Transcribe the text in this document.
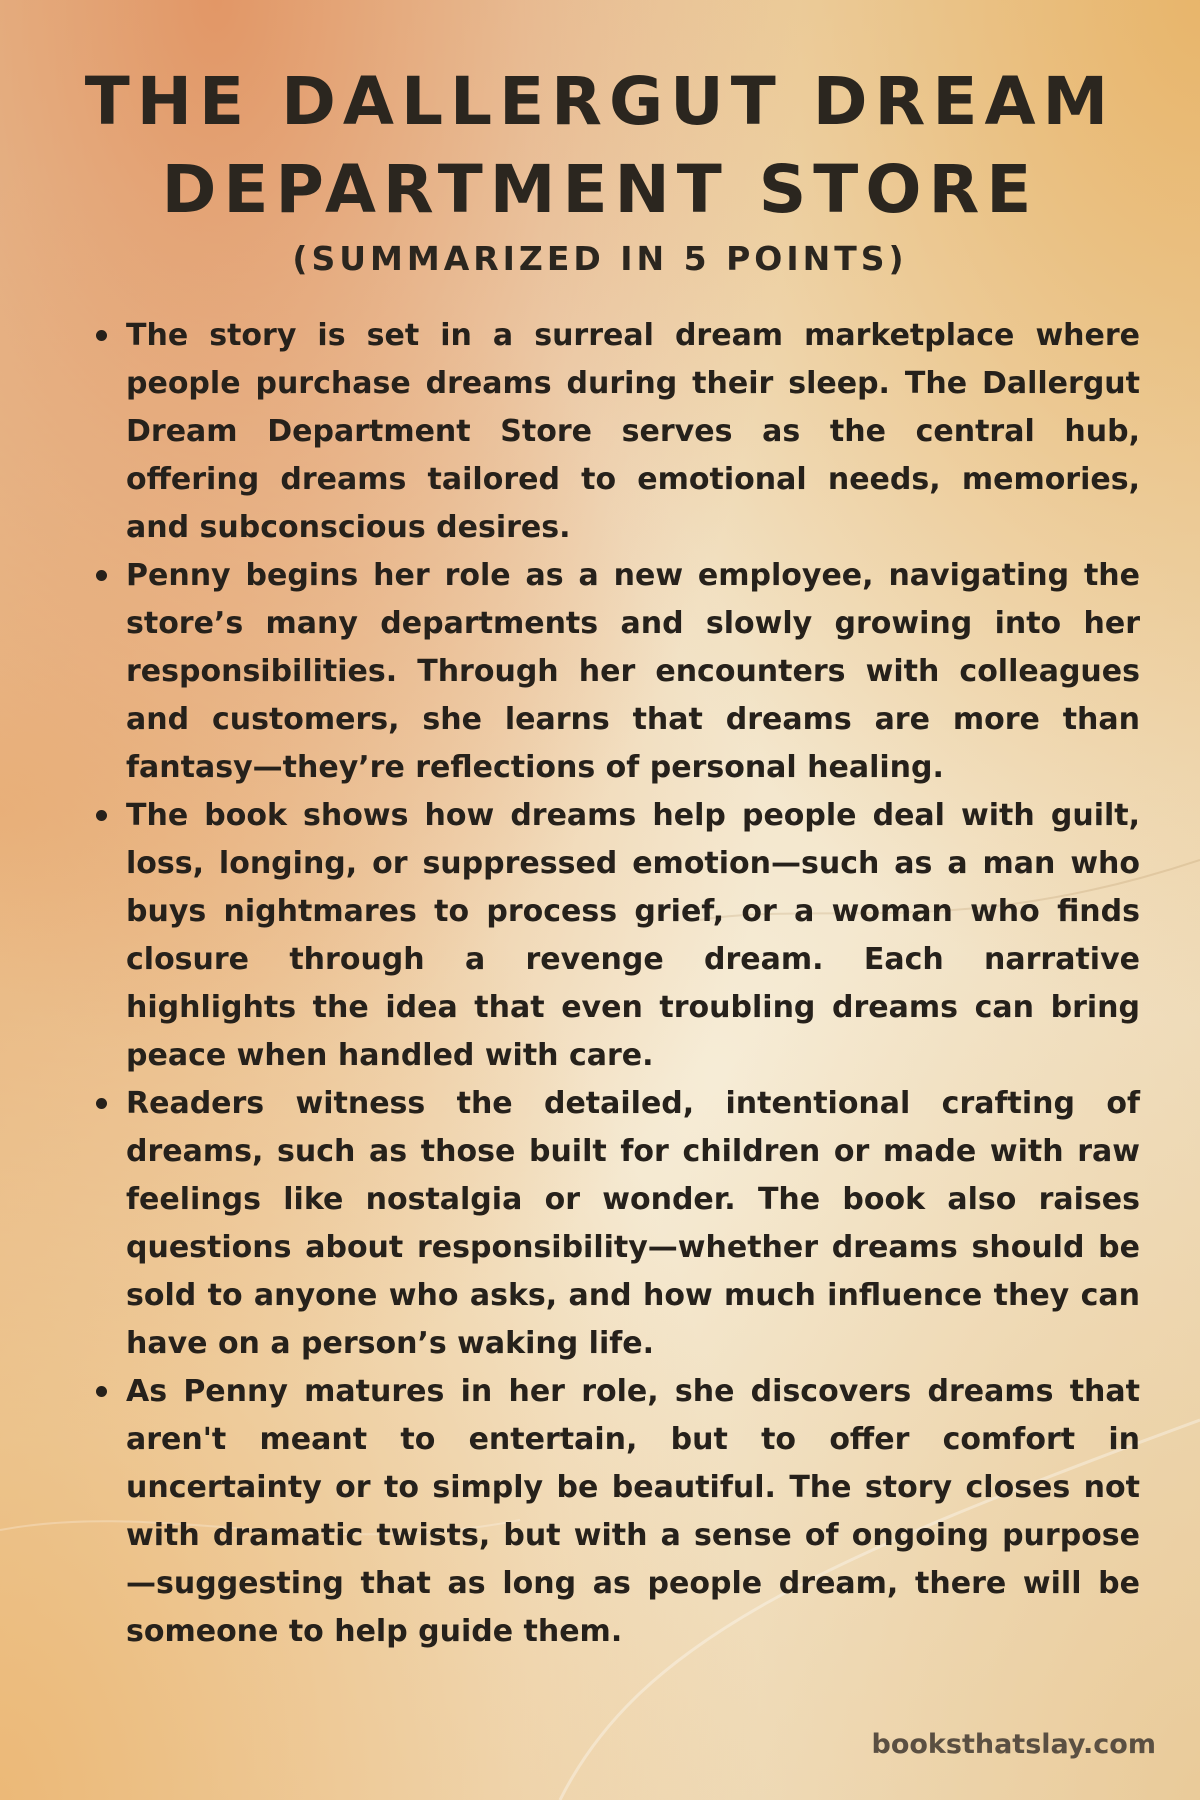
THE DALLERGUT DREAM
DEPARTMENT STORE
(SUMMARIZED IN 5 POINTS)
The story is set in a surreal dream marketplace where people purchase dreams during their sleep. The Dallergut Dream Department Store serves as the central hub, offering dreams tailored to emotional needs, memories, and subconscious desires.
Penny begins her role as a new employee, navigating the store’s many departments and slowly growing into her responsibilities. Through her encounters with colleagues and customers, she learns that dreams are more than fantasy—they’re reflections of personal healing.
The book shows how dreams help people deal with guilt, loss, longing, or suppressed emotion—such as a man who buys nightmares to process grief, or a woman who finds closure through a revenge dream. Each narrative highlights the idea that even troubling dreams can bring peace when handled with care.
Readers witness the detailed, intentional crafting of dreams, such as those built for children or made with raw feelings like nostalgia or wonder. The book also raises questions about responsibility—whether dreams should be sold to anyone who asks, and how much influence they can have on a person’s waking life.
As Penny matures in her role, she discovers dreams that aren't meant to entertain, but to offer comfort in uncertainty or to simply be beautiful. The story closes not with dramatic twists, but with a sense of ongoing purpose—suggesting that as long as people dream, there will be someone to help guide them.
booksthatslay.com
